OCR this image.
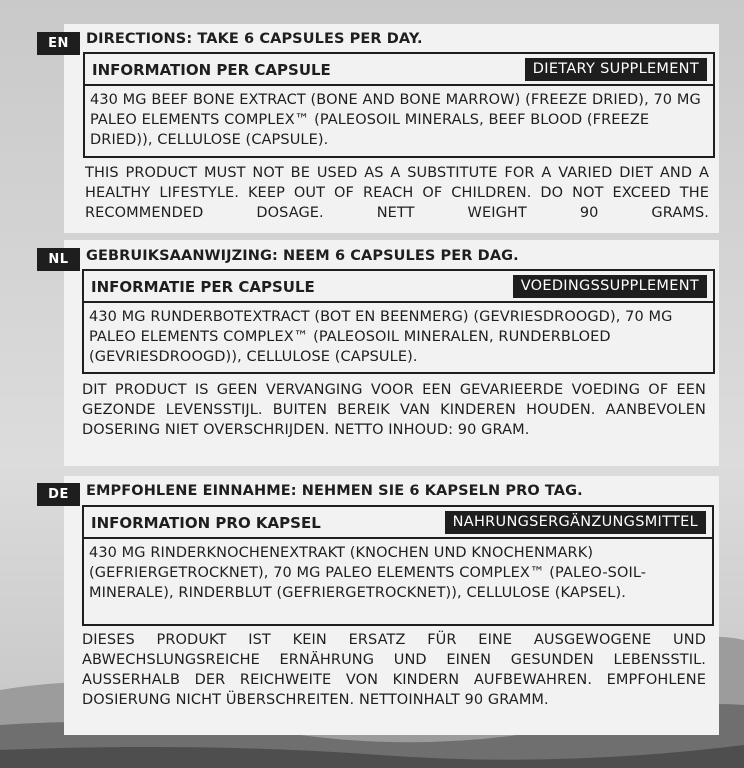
EN	DIRECTIONS: TAKE 6 CAPSULES PER DAY.
INFORMATION PER CAPSULE	DIETARY SUPPLEMENT
430 MG BEEF BONE EXTRACT (BONE AND BONE MARROW) (FREEZE DRIED), 70 MG PALEO ELEMENTS COMPLEX™ (PALEOSOIL MINERALS, BEEF BLOOD (FREEZE DRIED)), CELLULOSE (CAPSULE).
THIS PRODUCT MUST NOT BE USED AS A SUBSTITUTE FOR A VARIED DIET AND A HEALTHY LIFESTYLE. KEEP OUT OF REACH OF CHILDREN. DO NOT EXCEED THE RECOMMENDED DOSAGE. NETT WEIGHT 90 GRAMS.
NL	GEBRUIKSAANWIJZING: NEEM 6 CAPSULES PER DAG.
INFORMATIE PER CAPSULE	VOEDINGSSUPPLEMENT
430 MG RUNDERBOTEXTRACT (BOT EN BEENMERG) (GEVRIESDROOGD), 70 MG PALEO ELEMENTS COMPLEX™ (PALEOSOIL MINERALEN, RUNDERBLOED (GEVRIESDROOGD)), CELLULOSE (CAPSULE).
DIT PRODUCT IS GEEN VERVANGING VOOR EEN GEVARIEERDE VOEDING OF EEN GEZONDE LEVENSSTIJL. BUITEN BEREIK VAN KINDEREN HOUDEN. AANBEVOLEN DOSERING NIET OVERSCHRIJDEN. NETTO INHOUD: 90 GRAM.
DE	EMPFOHLENE EINNAHME: NEHMEN SIE 6 KAPSELN PRO TAG.
INFORMATION PRO KAPSEL	NAHRUNGSERGÄNZUNGSMITTEL
430 MG RINDERKNOCHENEXTRAKT (KNOCHEN UND KNOCHENMARK) (GEFRIERGETROCKNET), 70 MG PALEO ELEMENTS COMPLEX™ (PALEO-SOIL-MINERALE), RINDERBLUT (GEFRIERGETROCKNET)), CELLULOSE (KAPSEL).
DIESES PRODUKT IST KEIN ERSATZ FÜR EINE AUSGEWOGENE UND ABWECHSLUNGSREICHE ERNÄHRUNG UND EINEN GESUNDEN LEBENSSTIL. AUSSERHALB DER REICHWEITE VON KINDERN AUFBEWAHREN. EMPFOHLENE DOSIERUNG NICHT ÜBERSCHREITEN. NETTOINHALT 90 GRAMM.
